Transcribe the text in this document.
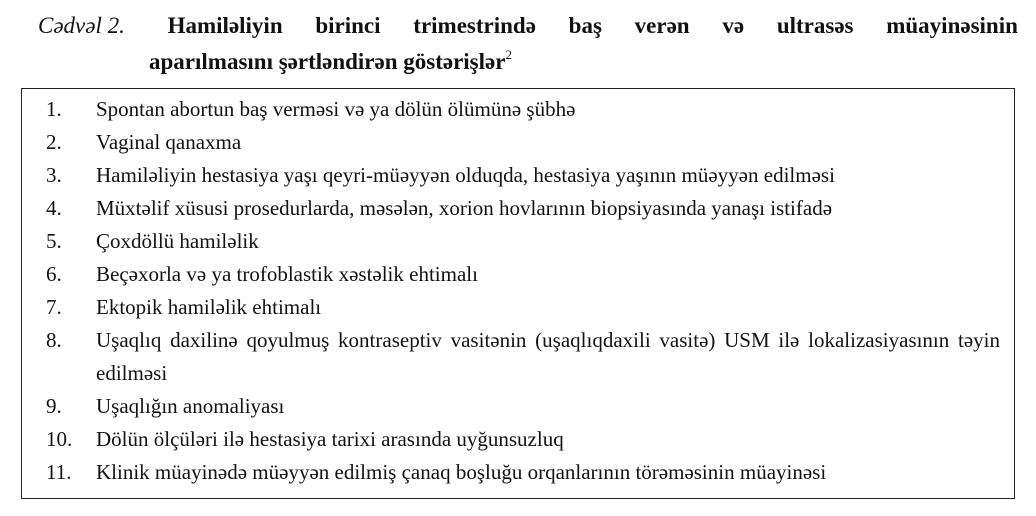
Cədvəl 2. Hamiləliyin birinci trimestrində baş verən və ultrasəs müayinəsinin
aparılmasını şərtləndirən göstərişlər$^2$
1. Spontan abortun baş verməsi və ya dölün ölümünə şübhə
2. Vaginal qanaxma
3. Hamiləliyin hestasiya yaşı qeyri-müəyyən olduqda, hestasiya yaşının müəyyən edilməsi
4. Müxtəlif xüsusi prosedurlarda, məsələn, xorion hovlarının biopsiyasında yanaşı istifadə
5. Çoxdöllü hamiləlik
6. Beçəxorla və ya trofoblastik xəstəlik ehtimalı
7. Ektopik hamiləlik ehtimalı
8. Uşaqlıq daxilinə qoyulmuş kontraseptiv vasitənin (uşaqlıqdaxili vasitə) USM ilə lokalizasiyasının təyin edilməsi
9. Uşaqlığın anomaliyası
10. Dölün ölçüləri ilə hestasiya tarixi arasında uyğunsuzluq
11. Klinik müayinədə müəyyən edilmiş çanaq boşluğu orqanlarının törəməsinin müayinəsi
